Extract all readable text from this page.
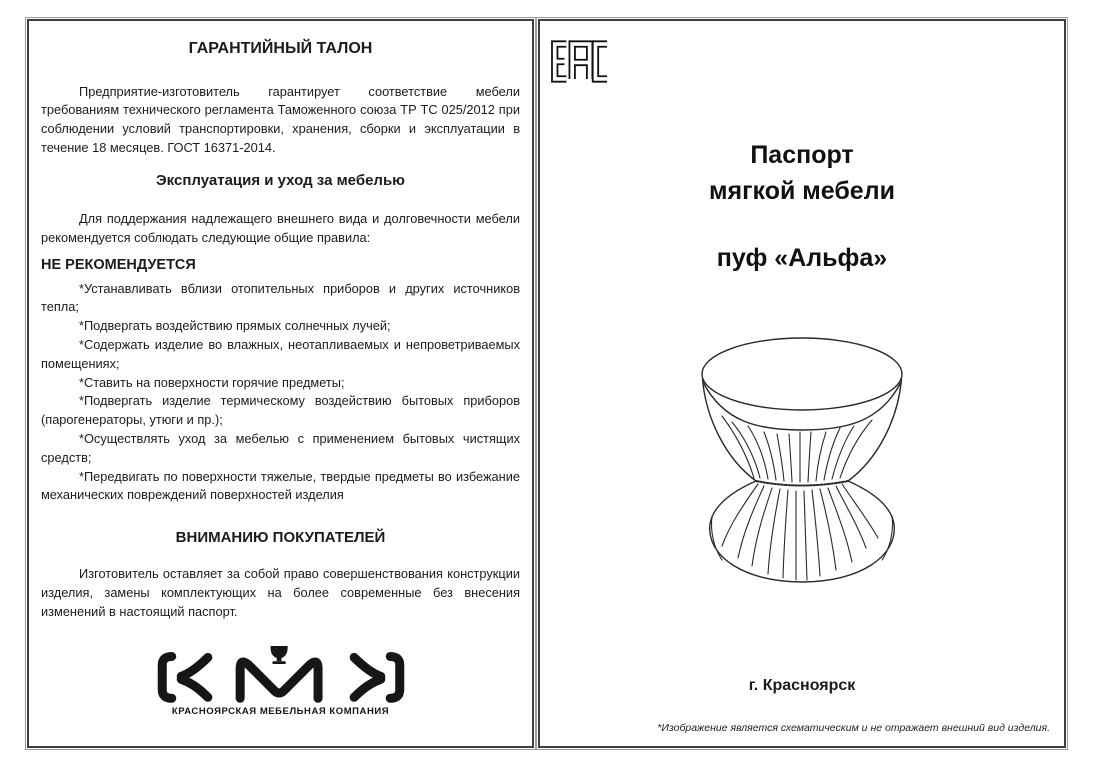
ГАРАНТИЙНЫЙ ТАЛОН

Предприятие-изготовитель гарантирует соответствие мебели требованиям технического регламента Таможенного союза ТР ТС 025/2012 при соблюдении условий транспортировки, хранения, сборки и эксплуатации в течение 18 месяцев. ГОСТ 16371-2014.

Эксплуатация и уход за мебелью

Для поддержания надлежащего внешнего вида и долговечности мебели рекомендуется соблюдать следующие общие правила:

НЕ РЕКОМЕНДУЕТСЯ

*Устанавливать вблизи отопительных приборов и других источников тепла;

*Подвергать воздействию прямых солнечных лучей;

*Содержать изделие во влажных, неотапливаемых и непроветриваемых помещениях;

*Ставить на поверхности горячие предметы;

*Подвергать изделие термическому воздействию бытовых приборов (парогенераторы, утюги и пр.);

*Осуществлять уход за мебелью с применением бытовых чистящих средств;

*Передвигать по поверхности тяжелые, твердые предметы во избежание механических повреждений поверхностей изделия

ВНИМАНИЮ ПОКУПАТЕЛЕЙ

Изготовитель оставляет за собой право совершенствования конструкции изделия, замены комплектующих на более современные без внесения изменений в настоящий паспорт.

КРАСНОЯРСКАЯ МЕБЕЛЬНАЯ КОМПАНИЯ
Паспорт
мягкой мебели
пуф «Альфа»
г. Красноярск
*Изображение является схематическим и не отражает внешний вид изделия.
